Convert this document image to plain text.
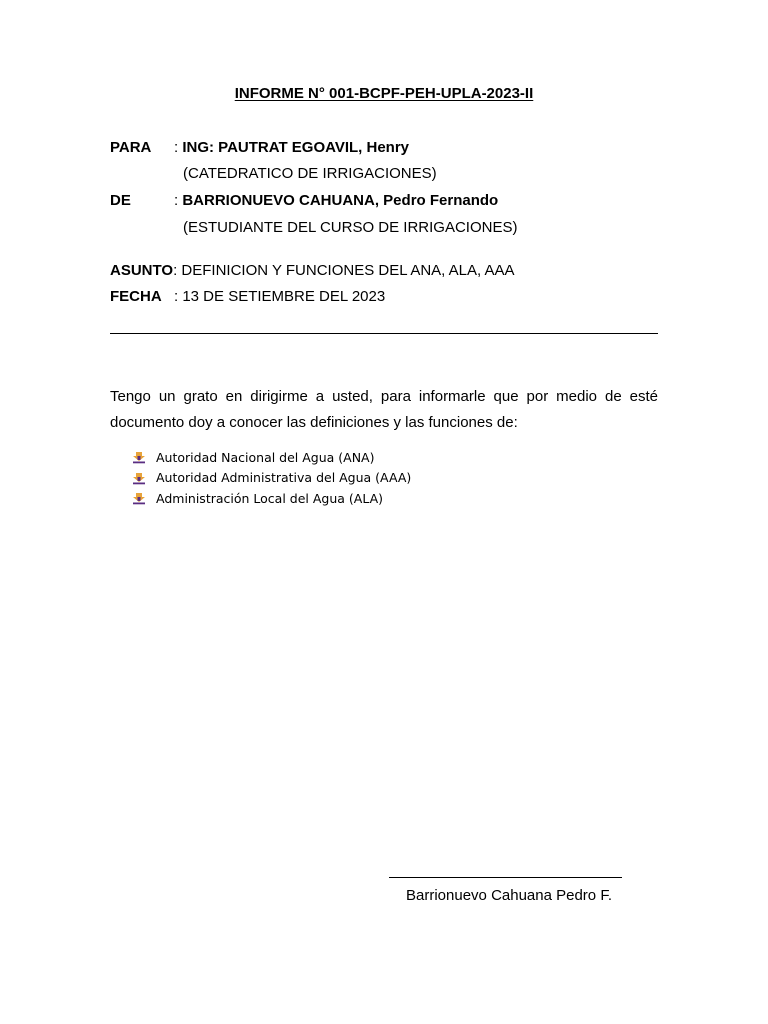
INFORME N° 001-BCPF-PEH-UPLA-2023-II
PARA : ING: PAUTRAT EGOAVIL, Henry
(CATEDRATICO DE IRRIGACIONES)
DE	: BARRIONUEVO CAHUANA, Pedro Fernando
(ESTUDIANTE DEL CURSO DE IRRIGACIONES)
ASUNTO: DEFINICION Y FUNCIONES DEL ANA, ALA, AAA
FECHA : 13 DE SETIEMBRE DEL 2023
Tengo un grato en dirigirme a usted, para informarle que por medio de esté documento doy a conocer las definiciones y las funciones de:
Autoridad Nacional del Agua (ANA)
Autoridad Administrativa del Agua (AAA)
Administración Local del Agua (ALA)
Barrionuevo Cahuana Pedro F.
